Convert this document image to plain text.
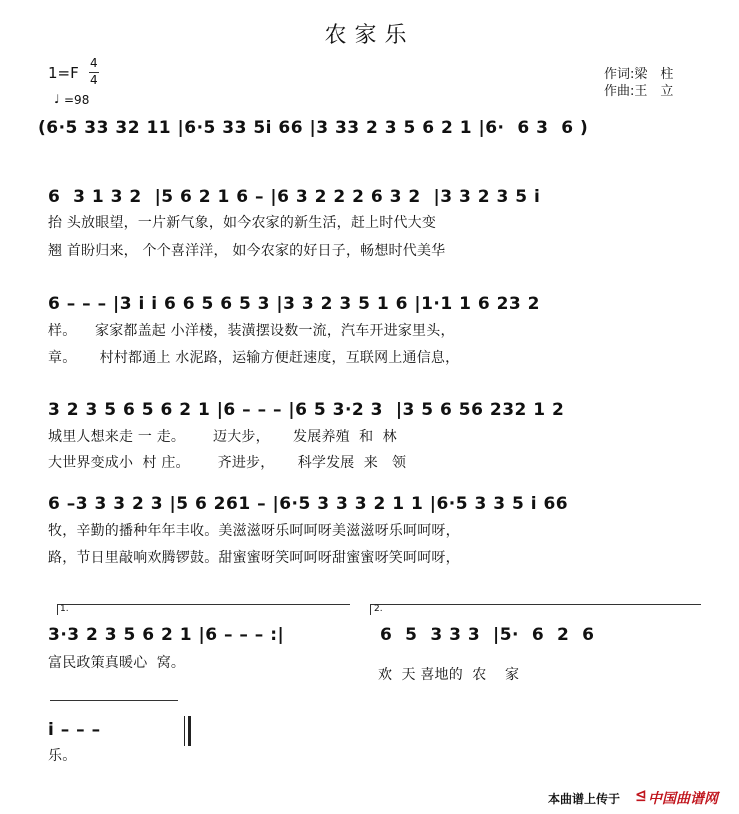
农家乐
1=F
4
4
♩ =98
作词:梁　柱
作曲:王　立
(6·5 33 32 11 |6·5 33 5i 66 |3 33 2 3 5 6 2 1 |6·  6 3  6 )
6  3 1 3 2  |5 6 2 1 6 – |6 3 2 2 2 6 3 2  |3 3 2 3 5 i
抬 头放眼望，一片新气象，如今农家的新生活，赶上时代大变
翘 首盼归来， 个个喜洋洋， 如今农家的好日子，畅想时代美华
6 – – – |3 i i 6 6 5 6 5 3 |3 3 2 3 5 1 6 |1·1 1 6 23 2
样。    家家都盖起 小洋楼，装潢摆设数一流，汽车开进家里头，
章。     村村都通上 水泥路，运输方便赶速度，互联网上通信息，
3 2 3 5 6 5 6 2 1 |6 – – – |6 5 3·2 3  |3 5 6 56 232 1 2
城里人想来走 一 走。      迈大步，     发展养殖  和  林
大世界变成小  村 庄。      齐进步，     科学发展  来   领
6 –3 3 3 2 3 |5 6 261 – |6·5 3 3 3 2 1 1 |6·5 3 3 5 i 66
牧，辛勤的播种年年丰收。美滋滋呀乐呵呵呀美滋滋呀乐呵呵呀，
路，节日里敲响欢腾锣鼓。甜蜜蜜呀笑呵呵呀甜蜜蜜呀笑呵呵呀，
1.	2.
3·3 2 3 5 6 2 1 |6 – – – :|	6  5  3 3 3  |5·  6  2  6
富民政策真暖心  窝。
欢  天 喜地的  农    家
i – – –
乐。
本曲谱上传于 ⊴ 中国曲谱网
